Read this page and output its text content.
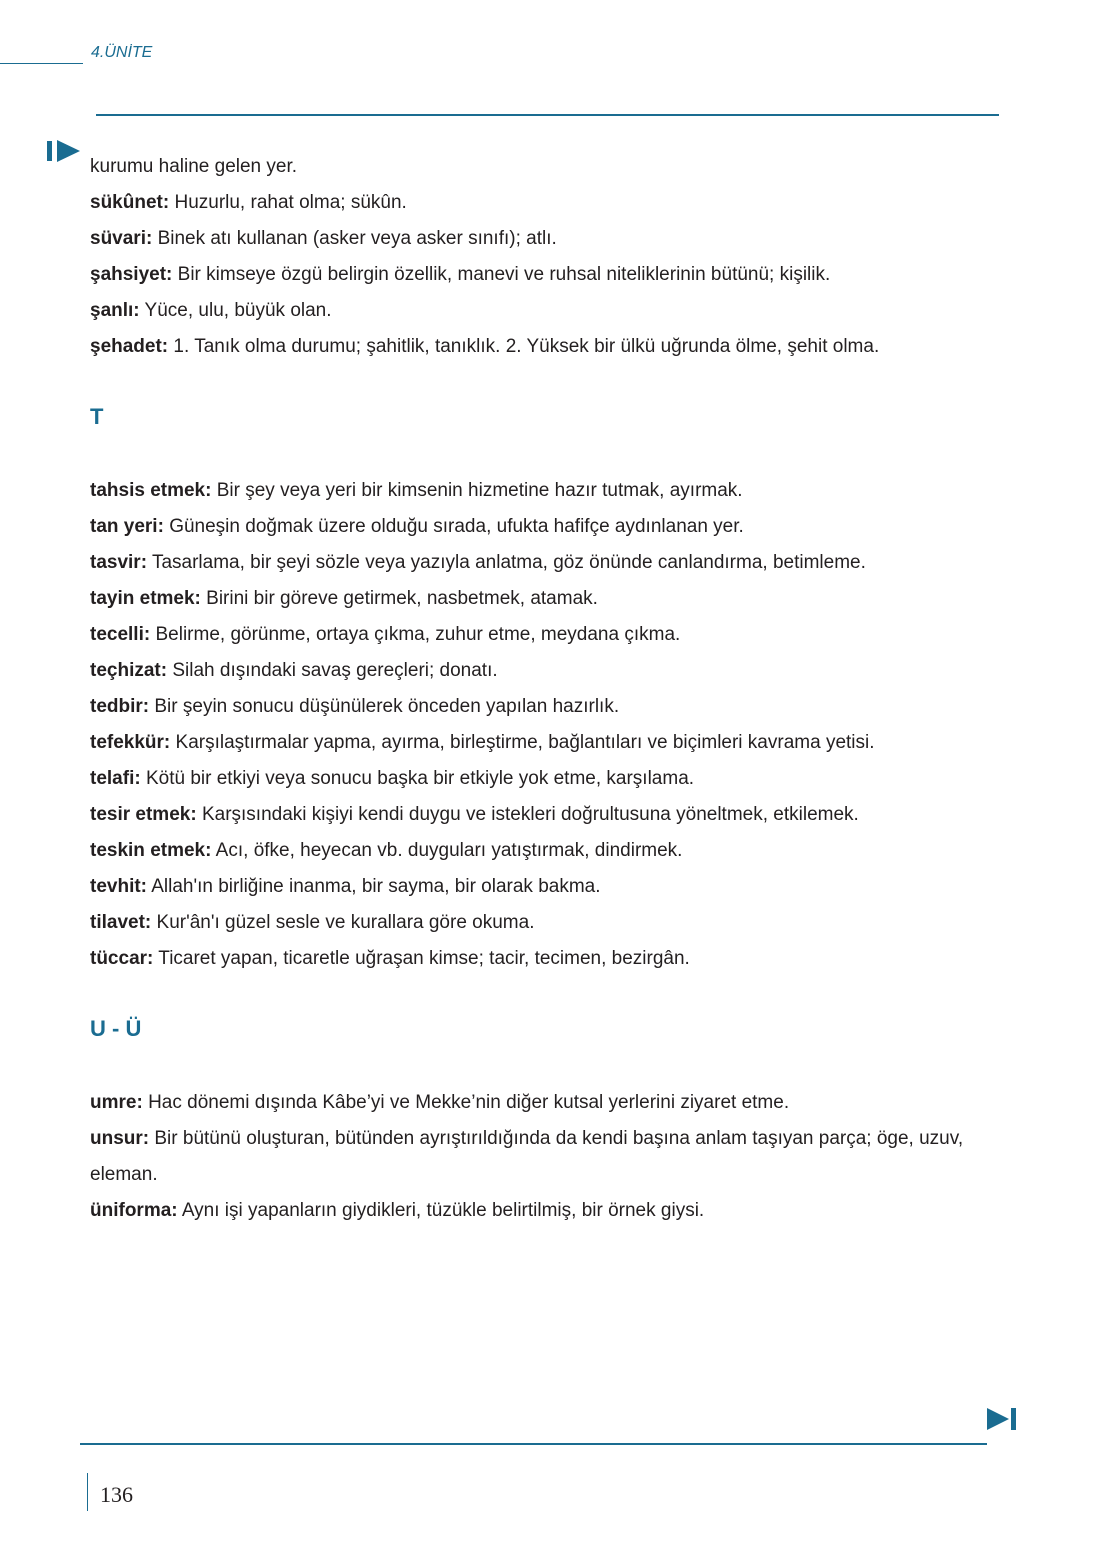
4.ÜNİTE
kurumu haline gelen yer.
sükûnet: Huzurlu, rahat olma; sükûn.
süvari: Binek atı kullanan (asker veya asker sınıfı); atlı.
şahsiyet: Bir kimseye özgü belirgin özellik, manevi ve ruhsal niteliklerinin bütünü; kişilik.
şanlı: Yüce, ulu, büyük olan.
şehadet: 1. Tanık olma durumu; şahitlik, tanıklık. 2. Yüksek bir ülkü uğrunda ölme, şehit olma.
T
tahsis etmek: Bir şey veya yeri bir kimsenin hizmetine hazır tutmak, ayırmak.
tan yeri: Güneşin doğmak üzere olduğu sırada, ufukta hafifçe aydınlanan yer.
tasvir: Tasarlama, bir şeyi sözle veya yazıyla anlatma, göz önünde canlandırma, betimleme.
tayin etmek: Birini bir göreve getirmek, nasbetmek, atamak.
tecelli: Belirme, görünme, ortaya çıkma, zuhur etme, meydana çıkma.
teçhizat: Silah dışındaki savaş gereçleri; donatı.
tedbir: Bir şeyin sonucu düşünülerek önceden yapılan hazırlık.
tefekkür: Karşılaştırmalar yapma, ayırma, birleştirme, bağlantıları ve biçimleri kavrama yetisi.
telafi: Kötü bir etkiyi veya sonucu başka bir etkiyle yok etme, karşılama.
tesir etmek: Karşısındaki kişiyi kendi duygu ve istekleri doğrultusuna yöneltmek, etkilemek.
teskin etmek: Acı, öfke, heyecan vb. duyguları yatıştırmak, dindirmek.
tevhit: Allah'ın birliğine inanma, bir sayma, bir olarak bakma.
tilavet: Kur'ân'ı güzel sesle ve kurallara göre okuma.
tüccar: Ticaret yapan, ticaretle uğraşan kimse; tacir, tecimen, bezirgân.
U - Ü
umre: Hac dönemi dışında Kâbe’yi ve Mekke’nin diğer kutsal yerlerini ziyaret etme.
unsur: Bir bütünü oluşturan, bütünden ayrıştırıldığında da kendi başına anlam taşıyan parça; öge, uzuv, eleman.
üniforma: Aynı işi yapanların giydikleri, tüzükle belirtilmiş, bir örnek giysi.
136
